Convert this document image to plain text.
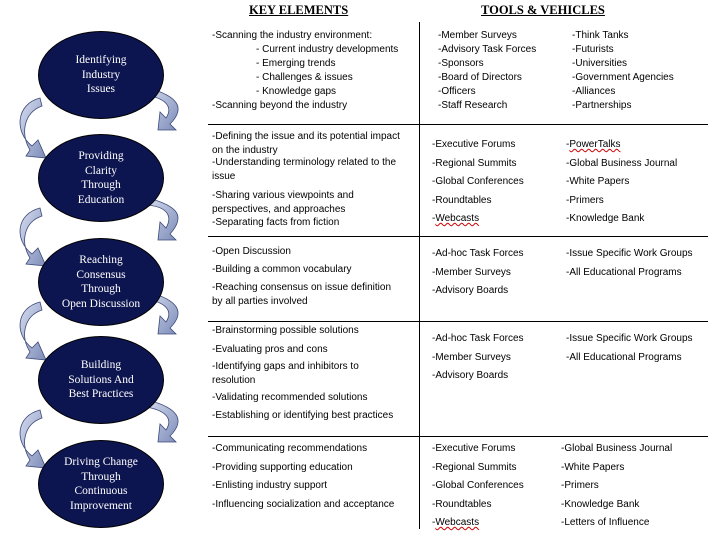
KEY ELEMENTS	TOOLS & VEHICLES
Identifying
Industry
Issues
Providing
Clarity
Through
Education
Reaching
Consensus
Through
Open Discussion
Building
Solutions And
Best Practices
Driving Change
Through
Continuous
Improvement
-Scanning the industry environment:
- Current industry developments
- Emerging trends
- Challenges & issues
- Knowledge gaps
-Scanning beyond the industry
-Member Surveys
-Advisory Task Forces
-Sponsors
-Board of Directors
-Officers
-Staff Research
-Think Tanks
-Futurists
-Universities
-Government Agencies
-Alliances
-Partnerships
-Defining the issue and its potential impact on the industry
-Understanding terminology related to the issue
-Sharing various viewpoints and perspectives, and approaches
-Separating facts from fiction
-Executive Forums
-Regional Summits
-Global Conferences
-Roundtables
-Webcasts
-PowerTalks
-Global Business Journal
-White Papers
-Primers
-Knowledge Bank
-Open Discussion
-Building a common vocabulary
-Reaching consensus on issue definition by all parties involved
-Ad-hoc Task Forces
-Member Surveys
-Advisory Boards
-Issue Specific Work Groups
-All Educational Programs
-Brainstorming possible solutions
-Evaluating pros and cons
-Identifying gaps and inhibitors to resolution
-Validating recommended solutions
-Establishing or identifying best practices
-Ad-hoc Task Forces
-Member Surveys
-Advisory Boards
-Issue Specific Work Groups
-All Educational Programs
-Communicating recommendations
-Providing supporting education
-Enlisting industry support
-Influencing socialization and acceptance
-Executive Forums
-Regional Summits
-Global Conferences
-Roundtables
-Webcasts
-Global Business Journal
-White Papers
-Primers
-Knowledge Bank
-Letters of Influence
